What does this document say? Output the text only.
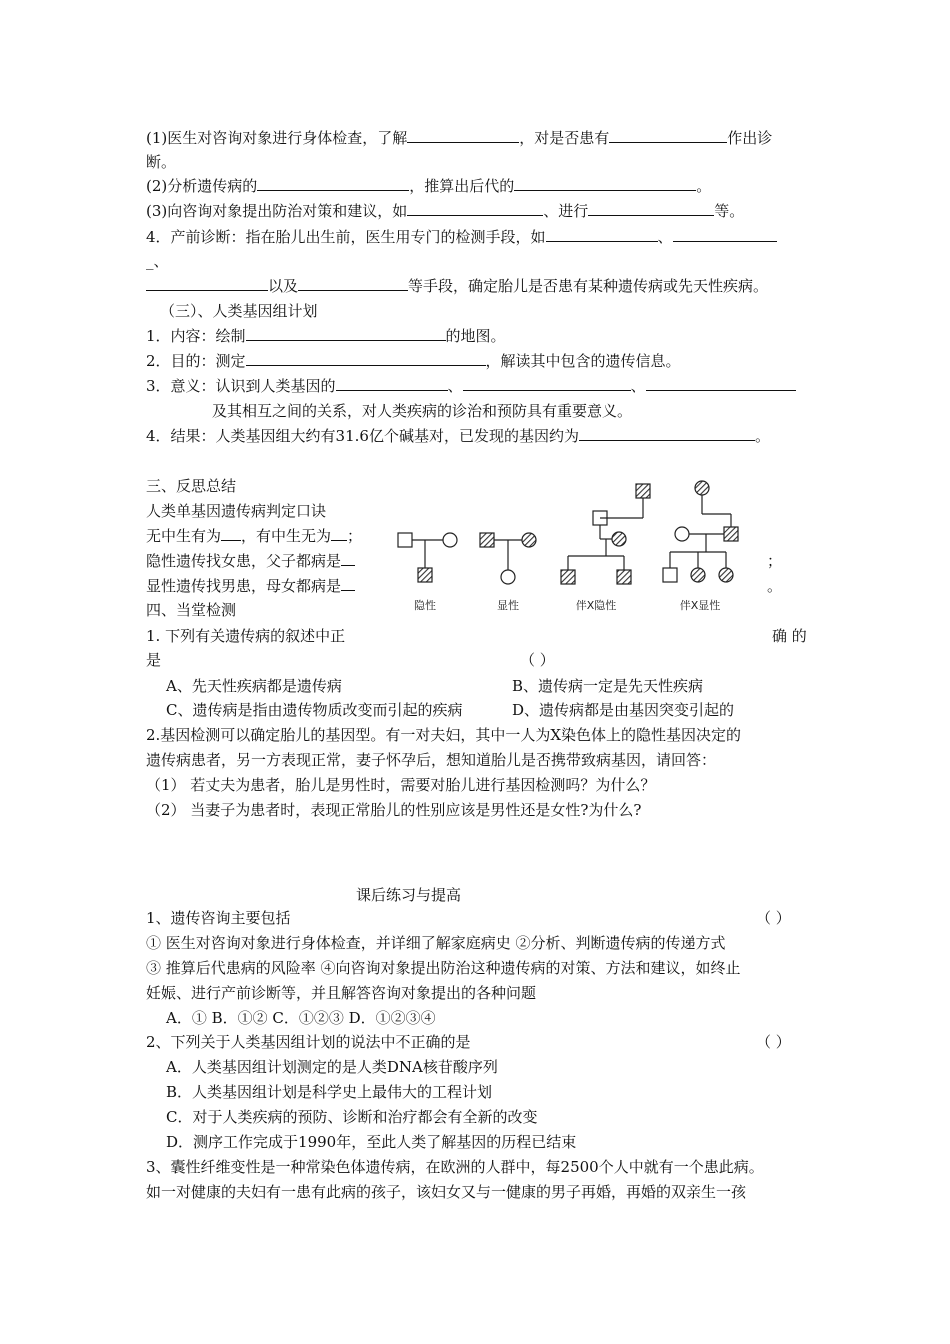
(1)医生对咨询对象进行身体检查，了解	，对是否患有	作出诊
断。
(2)分析遗传病的	，推算出后代的	。
(3)向咨询对象提出防治对策和建议，如	、进行	等。
4．产前诊断：指在胎儿出生前，医生用专门的检测手段，如	、
_、
以及	等手段，确定胎儿是否患有某种遗传病或先天性疾病。
（三）、人类基因组计划
1．内容：绘制	的地图。
2．目的：测定	，解读其中包含的遗传信息。
3．意义：认识到人类基因的	、	、
及其相互之间的关系，对人类疾病的诊治和预防具有重要意义。
4．结果：人类基因组大约有31.6亿个碱基对，已发现的基因约为	。
三、反思总结
人类单基因遗传病判定口诀
无中生有为 ，有中生无为 ；
隐性遗传找女患，父子都病是	；
显性遗传找男患，母女都病是	。
四、当堂检测	隐性	显性	伴X隐性	伴X显性
1. 下列有关遗传病的叙述中正	确 的
是	（ ）
A、先天性疾病都是遗传病	B、遗传病一定是先天性疾病
C、遗传病是指由遗传物质改变而引起的疾病	D、遗传病都是由基因突变引起的
2.基因检测可以确定胎儿的基因型。有一对夫妇，其中一人为X染色体上的隐性基因决定的
遗传病患者，另一方表现正常，妻子怀孕后，想知道胎儿是否携带致病基因，请回答：
（1） 若丈夫为患者，胎儿是男性时，需要对胎儿进行基因检测吗？为什么？
（2） 当妻子为患者时，表现正常胎儿的性别应该是男性还是女性?为什么?
课后练习与提高
1、遗传咨询主要包括	（ ）
① 医生对咨询对象进行身体检查，并详细了解家庭病史 ②分析、判断遗传病的传递方式
③ 推算后代患病的风险率 ④向咨询对象提出防治这种遗传病的对策、方法和建议，如终止
妊娠、进行产前诊断等，并且解答咨询对象提出的各种问题
A．① B．①② C．①②③ D．①②③④
2、下列关于人类基因组计划的说法中不正确的是	（ ）
A．人类基因组计划测定的是人类DNA核苷酸序列
B．人类基因组计划是科学史上最伟大的工程计划
C．对于人类疾病的预防、诊断和治疗都会有全新的改变
D．测序工作完成于1990年，至此人类了解基因的历程已结束
3、囊性纤维变性是一种常染色体遗传病，在欧洲的人群中，每2500个人中就有一个患此病。
如一对健康的夫妇有一患有此病的孩子，该妇女又与一健康的男子再婚，再婚的双亲生一孩
